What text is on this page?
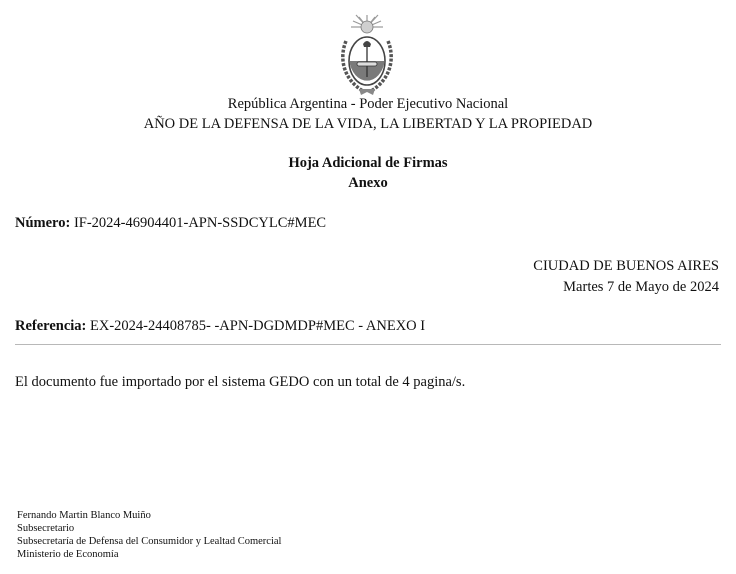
República Argentina - Poder Ejecutivo Nacional
AÑO DE LA DEFENSA DE LA VIDA, LA LIBERTAD Y LA PROPIEDAD
Hoja Adicional de Firmas
Anexo
Número: IF-2024-46904401-APN-SSDCYLC#MEC
CIUDAD DE BUENOS AIRES
Martes 7 de Mayo de 2024
Referencia: EX-2024-24408785- -APN-DGDMDP#MEC - ANEXO I
El documento fue importado por el sistema GEDO con un total de 4 pagina/s.
Fernando Martin Blanco Muiño
Subsecretario
Subsecretaría de Defensa del Consumidor y Lealtad Comercial
Ministerio de Economía
